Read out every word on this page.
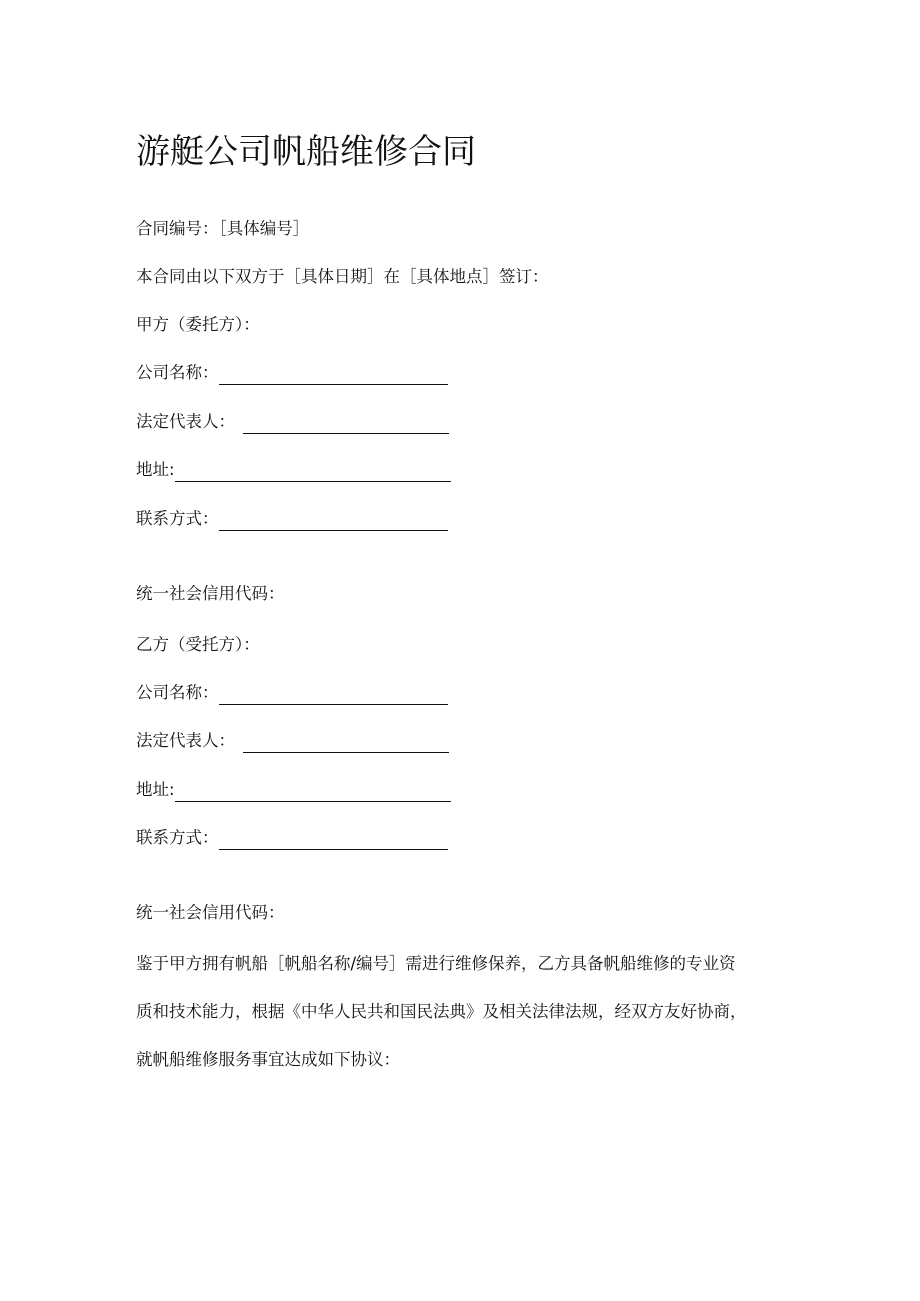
游艇公司帆船维修合同
合同编号：［具体编号］
本合同由以下双方于［具体日期］在［具体地点］签订：
甲方（委托方）：
公司名称：
法定代表人：
地址:
联系方式：
统一社会信用代码：
乙方（受托方）：
公司名称：
法定代表人：
地址:
联系方式：
统一社会信用代码：
鉴于甲方拥有帆船［帆船名称/编号］需进行维修保养，乙方具备帆船维修的专业资
质和技术能力，根据《中华人民共和国民法典》及相关法律法规，经双方友好协商，
就帆船维修服务事宜达成如下协议：
